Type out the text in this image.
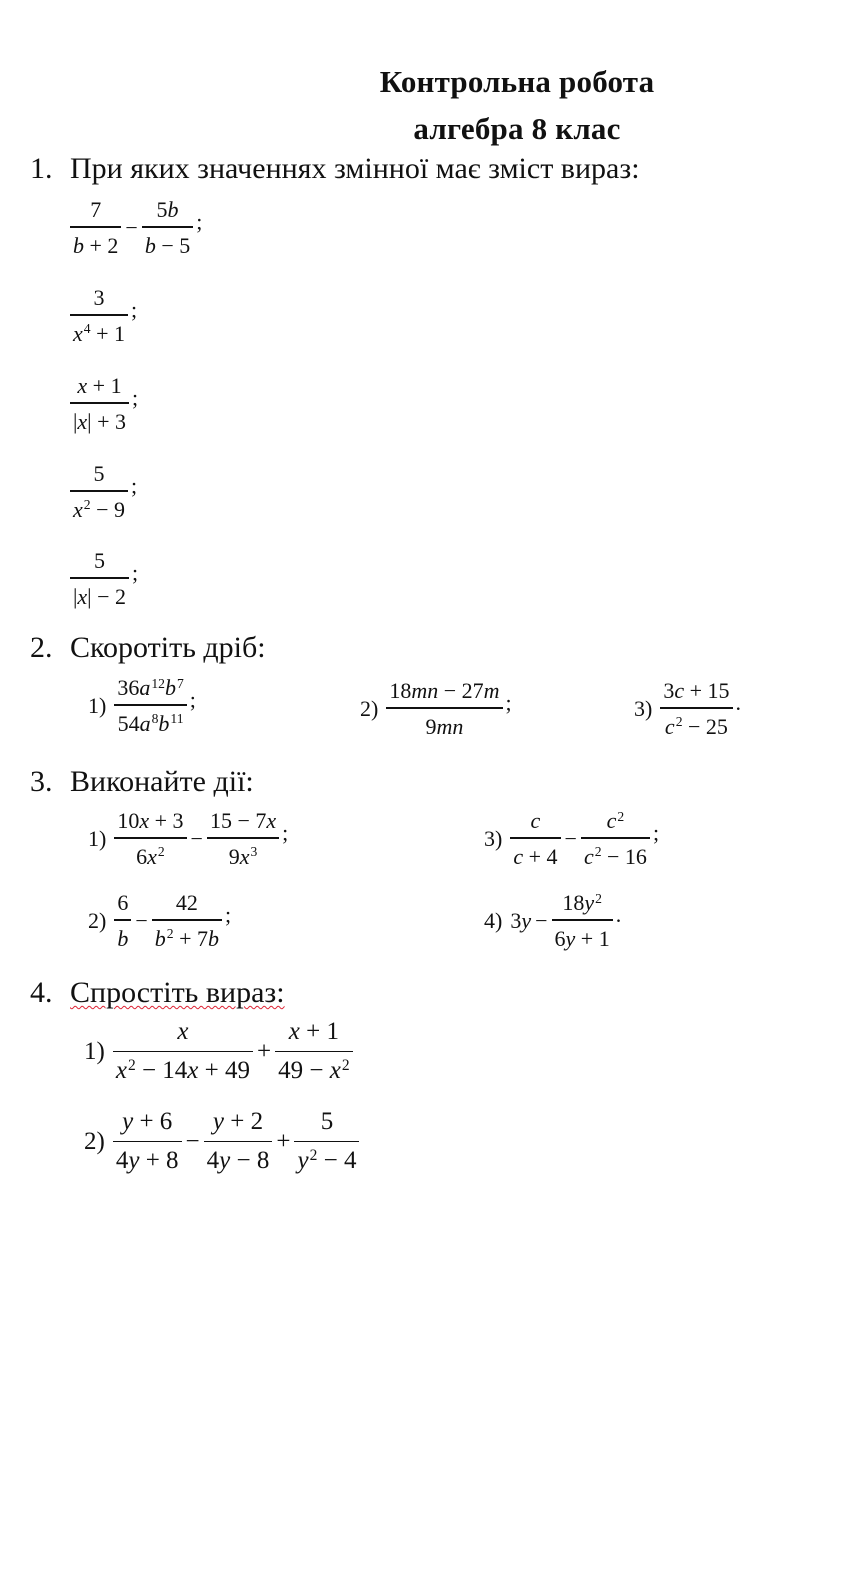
Контрольна робота
алгебра 8 клас
1. При яких значеннях змінної має зміст вираз:
$\frac{7}{b + 2} - \frac{5b}{b - 5}$ ;
$\frac{3}{x^4 + 1}$ ;
$\frac{x + 1}{|x| + 3}$ ;
$\frac{5}{x^2 - 9}$ ;
$\frac{5}{|x| - 2}$ ;
2. Скоротіть дріб:
$1) \frac{36a^{12}b^7}{54a^8b^{11}}$ ;	$2) \frac{18mn - 27m}{9mn}$ ;	$3) \frac{3c + 15}{c^2 - 25}$ .
3. Виконайте дії:
$1) \frac{10x + 3}{6x^2} - \frac{15 - 7x}{9x^3}$ ;
$2) \frac{6}{b} - \frac{42}{b^2 + 7b}$ ;
$3) \frac{c}{c + 4} - \frac{c^2}{c^2 - 16}$ ;
4) $3y - \frac{18y^2}{6y + 1}$ .
4. Спростіть вираз:
$1) \frac{x}{x^2 - 14x + 49} + \frac{x + 1}{49 - x^2}$
$2) \frac{y + 6}{4y + 8} - \frac{y + 2}{4y - 8} + \frac{5}{y^2 - 4}$
